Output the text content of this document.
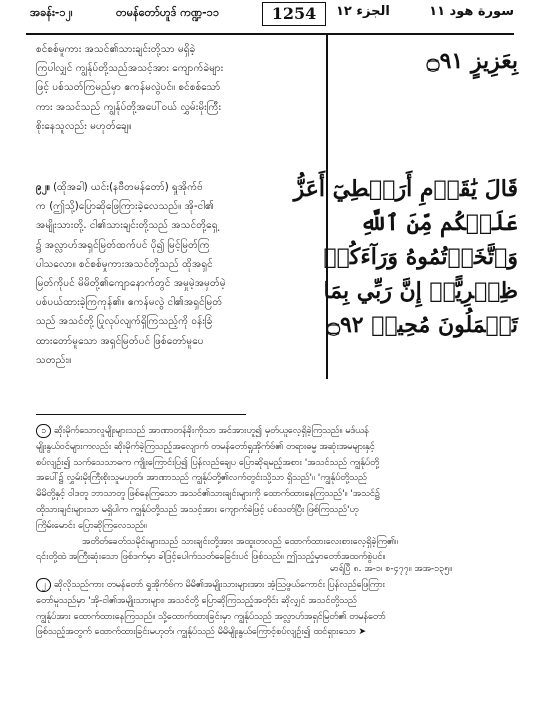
အခန်း-၁၂၊	တမန်တော်ဟူဒ် ကဏ္ဍ-၁၁	1254	الجزء ١٢	سورة هود ١١
စင်စစ်မူကား အသင်၏သားချင်းတို့သာ မရှိခဲ့
ကြပါလျှင် ကျွန်ုပ်တို့သည်အသင့်အား ကျောက်ခဲများ
ဖြင့် ပစ်သတ်ကြမည်မှာ ဧကန်မလွဲပင်။ စင်စစ်သော်
ကား အသင်သည် ကျွန်ုပ်တို့အပေါ်ဝယ် လွှမ်းမိုးကြီး
စိုးနေသူလည်း မဟုတ်ချေ။
၉၂။ (ထိုအခါ) ယင်း(နဗီတမန်တော်) ရှုအိုက်ဗ်
က (ဤသို့)ပြောဆိုဖြေကြားခဲ့လေသည်။ အို-ငါ၏
အမျိုးသားတို့. ငါ၏သားချင်းတို့သည် အသင်တို့ရှေ့
၌ အလ္လာဟ်အရှင်မြတ်ထက်ပင် ပို၍ မြင့်မြတ်ကြ
ပါသလော။ စင်စစ်မှုကားအသင်တို့သည် ထိုအရှင်
မြတ်ကိုပင် မိမိတို့၏ကျောနောက်တွင် အမှုမဲ့အမှတ်မဲ့
ပစ်ပယ်ထားခဲ့ကြကုန်၏။ ဧကန်မလွဲ ငါ၏အရှင်မြတ်
သည် အသင်တို့ ပြုလုပ်လျက်ရှိကြသည့်ကို ဝန်းခြံ
ထားတော်မူသော အရှင်မြတ်ပင် ဖြစ်တော်မူပေ
သတည်း။
بِعَزِيزٍ ۝٩١
قَالَ يَٰقَوۡمِ أَرَهۡطِيٓ أَعَزُّ
عَلَيۡكُم مِّنَ ٱللَّهِ
وَٱتَّخَذۡتُمُوهُ وَرَآءَكُمۡ
ظِهۡرِيًّاۖ إِنَّ رَبِّي بِمَا
تَعۡمَلُونَ مُحِيطٞ ۝٩٢
၁ ဆိုးမိုက်သောလူမျိုးများသည် အာဏာတန်ခိုးကိုသာ အင်အားဟူ၍ မှတ်ယူလေ့ရှိခဲ့ကြသည်။ မဒ်ယန်
မျိုးနွယ်ဝင်များကလည်း ဆိုးမိုက်ခဲ့ကြသည့်အလျောက် တမန်တော်ရှုအိုက်ဗ်၏ တရားဓမ္မ အဆုံးအမများနှင့်
စပ်လျဉ်း၍ သက်သေသာဓက ကျိုးကြောင်းပြ၍ ပြန်လည်ချေပ ပြောဆိုရမည့်အစား 'အသင်သည် ကျွန်ုပ်တို့
အပေါ်၌ လွှမ်းမိုးကြီးစိုးသူမဟုတ်၊ အာဏာသည် ကျွန်ုပ်တို့၏လက်တွင်းသို့သာ ရှိသည်'။ 'ကျွန်ုပ်တို့သည်
မိမိတို့နှင့် ဝါဒတူ ဘာသာတူ ဖြစ်နေကြသော အသင်၏သားချင်းများကို ထောက်ထားနေကြသည်'။ 'အသင်၌
ထိုသားချင်းများသာ မရှိပါက ကျွန်ုပ်တို့သည် အသင့်အား ကျောက်ခဲဖြင့် ပစ်သတ်ပြီး ဖြစ်ကြသည်'ဟု
ကြိမ်းမောင်း ပြောဆိုကြလေသည်။
အတိတ်ခေတ်သမိုင်းများသည် သားချင်းတို့အား အထူးတလည် ထောက်ထားလေးစားလေ့ရှိခဲ့ကြ၏။
၎င်းတို့ထဲ အကြီးဆုံးသော ဖြစ်ဒက်မှာ ခါဒြင့်ပေါက်သတ်ခေခြင်းပင် ဖြစ်သည်။ ဤသည့်မှာတော်အထက်စွဲပင်။
မာရ်ပြီ ၈. အ-၁၊ စ-၄၇၇။ အအ-၁၃၅။
၂ ဆိုလိုသည်ကား တမန်တော် ရှုအိုက်ဗ်က မိမိ၏အမျိုးသားများအား အံ့သြဖွယ်ကောင်း ပြန်လည်ဖြေကြား
တော်မူသည်မှာ 'အို-ငါ၏အမျိုးသားများ၊ အသင်တို့ ပြောဆိုကြသည့်အတိုင်း ဆိုလျှင် အသင်တို့သည်
ကျွန်ုပ်အား ထောက်ထားနေကြသည်။ သို့ထောက်ထားခြင်းမှာ ကျွန်ုပ်သည် အလ္လာဟ်အရှင်မြတ်၏ တမန်တော်
ဖြစ်သည့်အတွက် ထောက်ထားခြင်းမဟုတ်၊ ကျွန်ုပ်သည် မိမိမျိုးနွယ်ကြောင့်စပ်လျဉ်း၍ ထင်ရှားသော ➤
